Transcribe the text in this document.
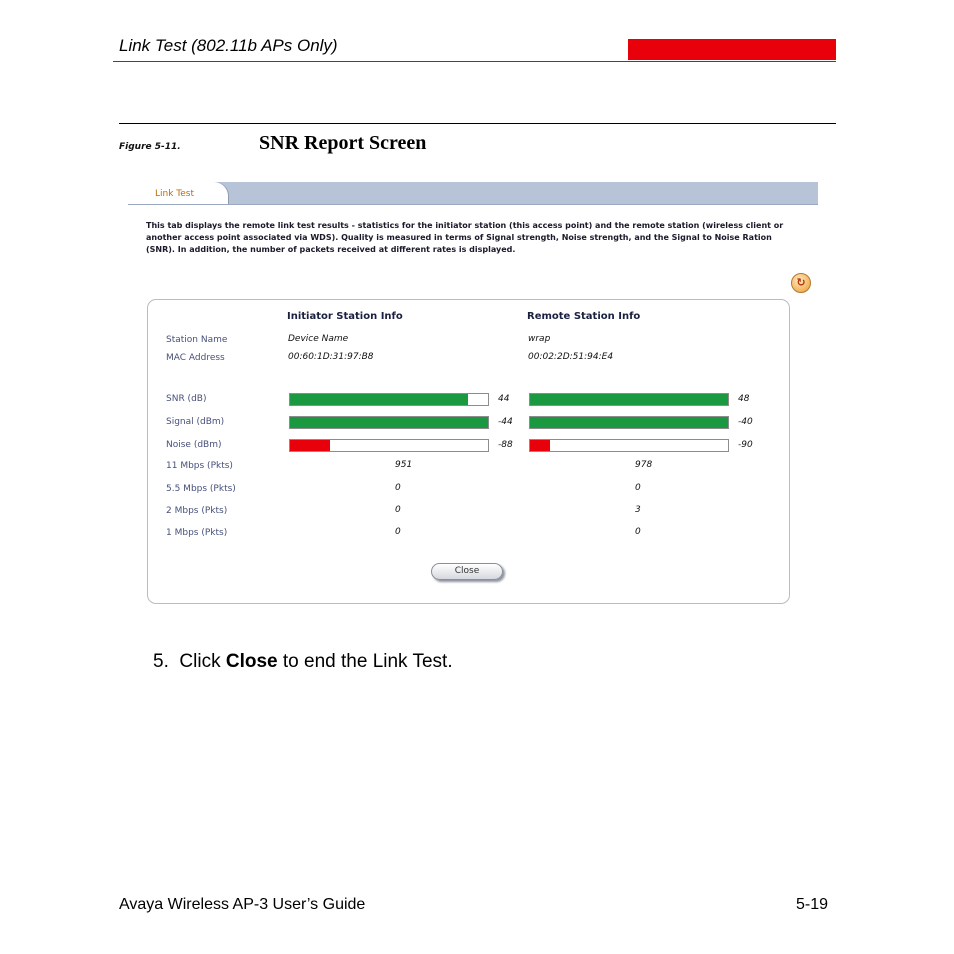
Link Test (802.11b APs Only)
Figure 5-11.	SNR Report Screen
Link Test
This tab displays the remote link test results - statistics for the initiator station (this access point) and the remote station (wireless client or another access point associated via WDS). Quality is measured in terms of Signal strength, Noise strength, and the Signal to Noise Ration (SNR). In addition, the number of packets received at different rates is displayed.
↻
Initiator Station Info	Remote Station Info
Station Name	Device Name	wrap
MAC Address	00:60:1D:31:97:B8	00:02:2D:51:94:E4
SNR (dB)	44	48
Signal (dBm)	-44	-40
Noise (dBm)	-88	-90
11 Mbps (Pkts)	951	978
5.5 Mbps (Pkts)	0	0
2 Mbps (Pkts)	0	3
1 Mbps (Pkts)	0	0
Close
5. Click Close to end the Link Test.
Avaya Wireless AP-3 User’s Guide	5-19
